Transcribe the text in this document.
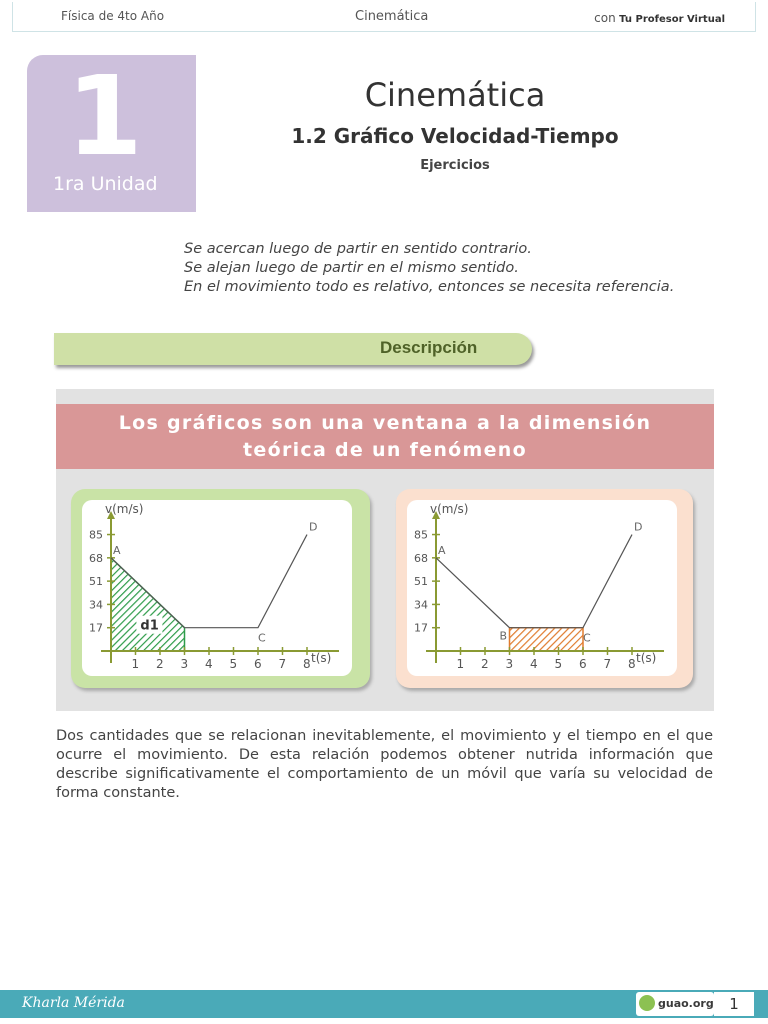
Física de 4to Año	Cinemática	con Tu Profesor Virtual
1
1ra Unidad
Cinemática
1.2 Gráfico Velocidad-Tiempo
Ejercicios
Se acercan luego de partir en sentido contrario.
Se alejan luego de partir en el mismo sentido.
En el movimiento todo es relativo, entonces se necesita referencia.
Descripción
Los gráficos son una ventana a la dimensión
teórica de un fenómeno
v(m/s)
t(s)
1 2 3 4 5 6 7 8
17
34
51
68
85
A
C
D
d1
v(m/s)
t(s)
1 2 3 4 5 6 7 8
17
34
51
68
85
A
B	C
D
Dos cantidades que se relacionan inevitablemente, el movimiento y el tiempo en el que ocurre el movimiento. De esta relación podemos obtener nutrida información que describe significativamente el comportamiento de un móvil que varía su velocidad de forma constante.
Kharla Mérida	guao.org	1
